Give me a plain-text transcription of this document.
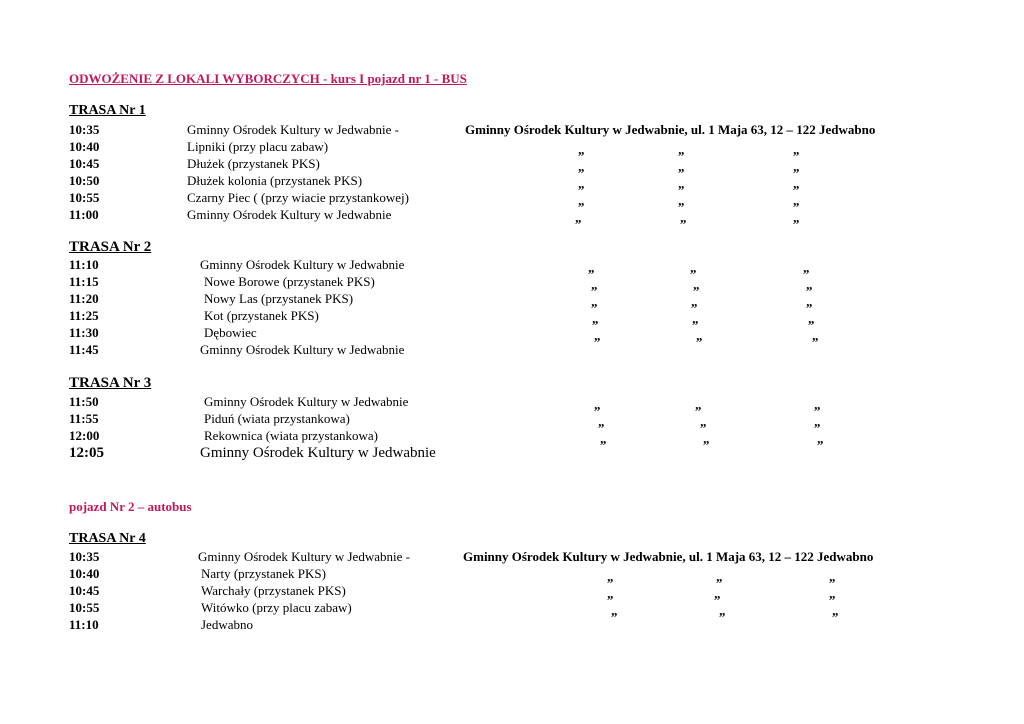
ODWOŻENIE Z LOKALI WYBORCZYCH - kurs I pojazd nr 1 - BUS
TRASA Nr 1
10:35	Gminny Ośrodek Kultury w Jedwabnie -	Gminny Ośrodek Kultury w Jedwabnie, ul. 1 Maja 63, 12 – 122 Jedwabno
10:40	Lipniki (przy placu zabaw)	„	„	„
10:45	Dłużek (przystanek PKS)	„	„	„
10:50	Dłużek kolonia (przystanek PKS)	„	„	„
10:55	Czarny Piec ( (przy wiacie przystankowej)	„	„	„
11:00	Gminny Ośrodek Kultury w Jedwabnie	„	„	„
TRASA Nr 2
11:10	Gminny Ośrodek Kultury w Jedwabnie	„	„	„
11:15	Nowe Borowe (przystanek PKS)	„	„	„
11:20	Nowy Las (przystanek PKS)	„	„	„
11:25	Kot (przystanek PKS)	„	„	„
11:30	Dębowiec	„	„	„
11:45	Gminny Ośrodek Kultury w Jedwabnie
TRASA Nr 3
11:50	Gminny Ośrodek Kultury w Jedwabnie	„	„	„
11:55	Piduń (wiata przystankowa)	„	„	„
12:00	Rekownica (wiata przystankowa)	„	„	„
12:05	Gminny Ośrodek Kultury w Jedwabnie
pojazd Nr 2 – autobus
TRASA Nr 4
10:35	Gminny Ośrodek Kultury w Jedwabnie -	Gminny Ośrodek Kultury w Jedwabnie, ul. 1 Maja 63, 12 – 122 Jedwabno
10:40	Narty (przystanek PKS)	„	„	„
10:45	Warchały (przystanek PKS)	„	„	„
10:55	Witówko (przy placu zabaw)	„	„	„
11:10	Jedwabno
